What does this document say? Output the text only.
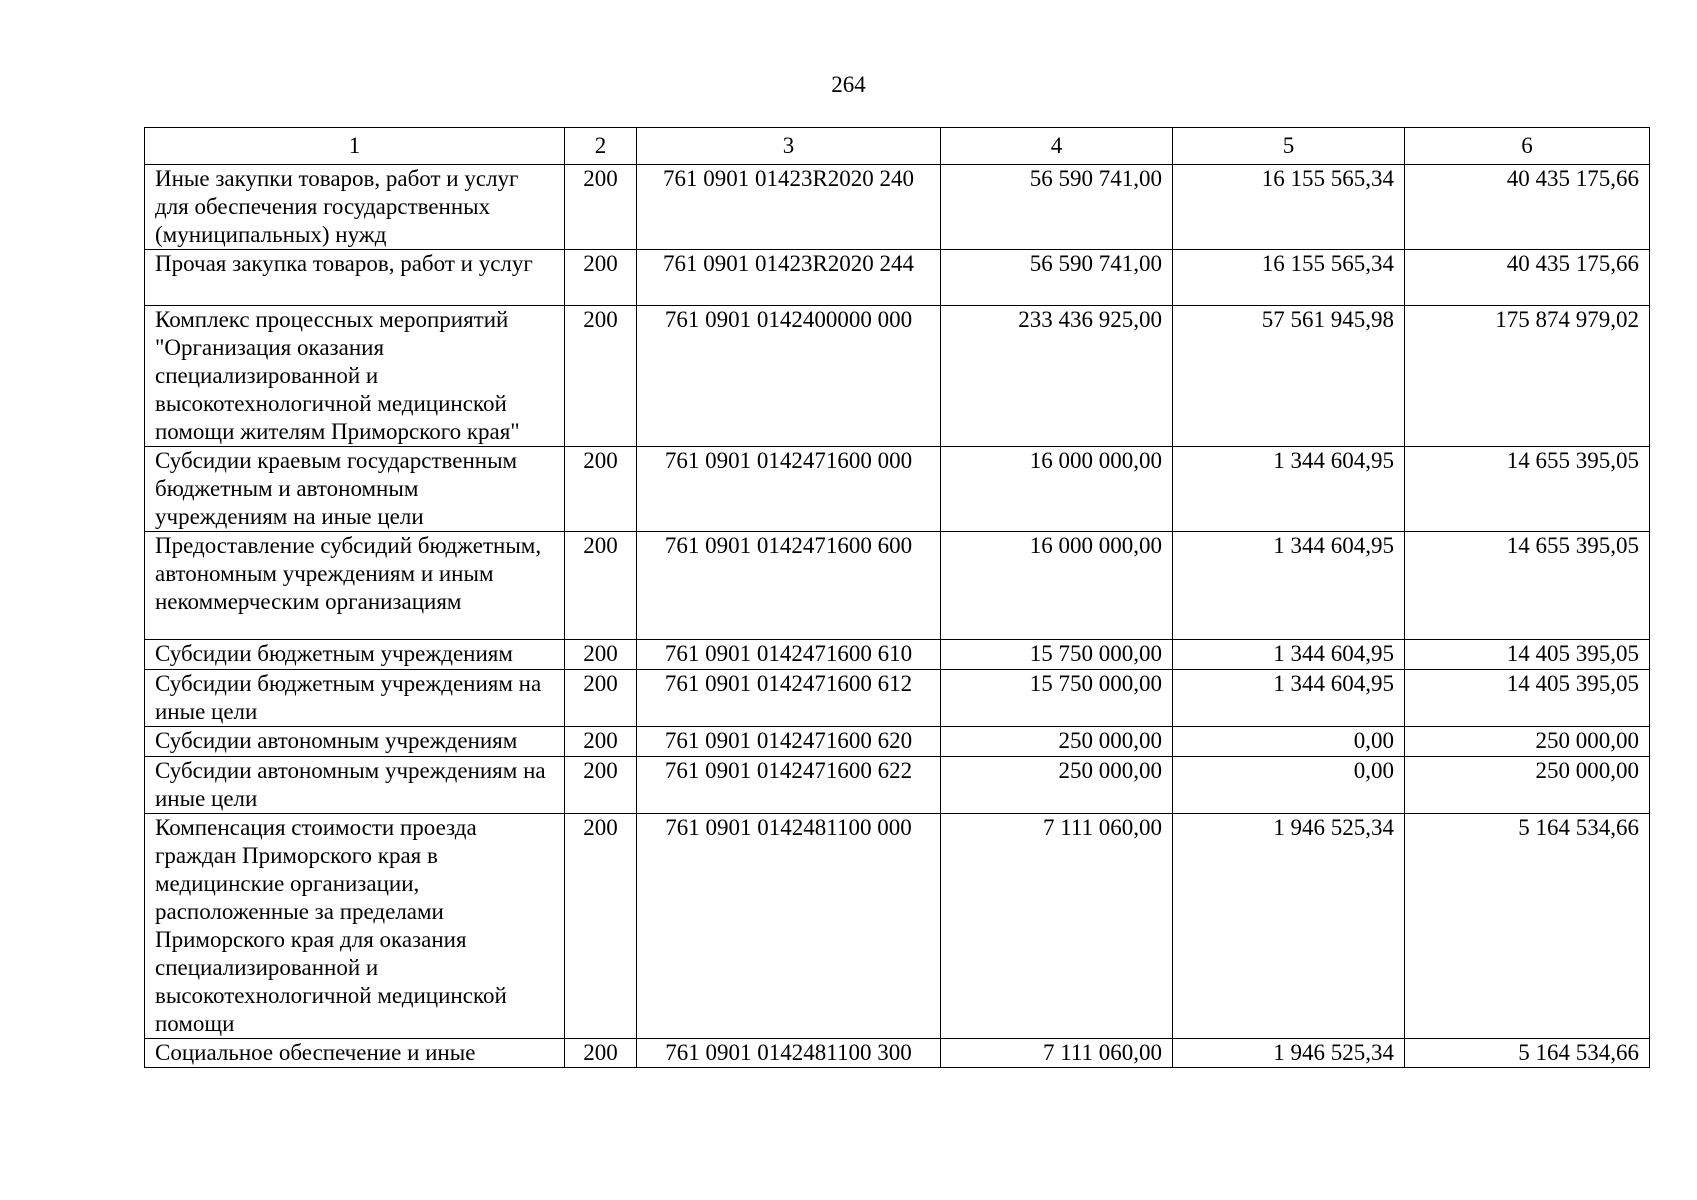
264
1	2	3	4	5	6
Иные закупки товаров, работ и услуг для обеспечения государственных (муниципальных) нужд	200	761 0901 01423R2020 240	56 590 741,00	16 155 565,34	40 435 175,66
Прочая закупка товаров, работ и услуг	200	761 0901 01423R2020 244	56 590 741,00	16 155 565,34	40 435 175,66
Комплекс процессных мероприятий "Организация оказания специализированной и высокотехнологичной медицинской помощи жителям Приморского края"	200	761 0901 0142400000 000	233 436 925,00	57 561 945,98	175 874 979,02
Субсидии краевым государственным бюджетным и автономным учреждениям на иные цели	200	761 0901 0142471600 000	16 000 000,00	1 344 604,95	14 655 395,05
Предоставление субсидий бюджетным, автономным учреждениям и иным некоммерческим организациям	200	761 0901 0142471600 600	16 000 000,00	1 344 604,95	14 655 395,05
Субсидии бюджетным учреждениям	200	761 0901 0142471600 610	15 750 000,00	1 344 604,95	14 405 395,05
Субсидии бюджетным учреждениям на иные цели	200	761 0901 0142471600 612	15 750 000,00	1 344 604,95	14 405 395,05
Субсидии автономным учреждениям	200	761 0901 0142471600 620	250 000,00	0,00	250 000,00
Субсидии автономным учреждениям на иные цели	200	761 0901 0142471600 622	250 000,00	0,00	250 000,00
Компенсация стоимости проезда граждан Приморского края в медицинские организации, расположенные за пределами Приморского края для оказания специализированной и высокотехнологичной медицинской помощи	200	761 0901 0142481100 000	7 111 060,00	1 946 525,34	5 164 534,66
Социальное обеспечение и иные	200	761 0901 0142481100 300	7 111 060,00	1 946 525,34	5 164 534,66
